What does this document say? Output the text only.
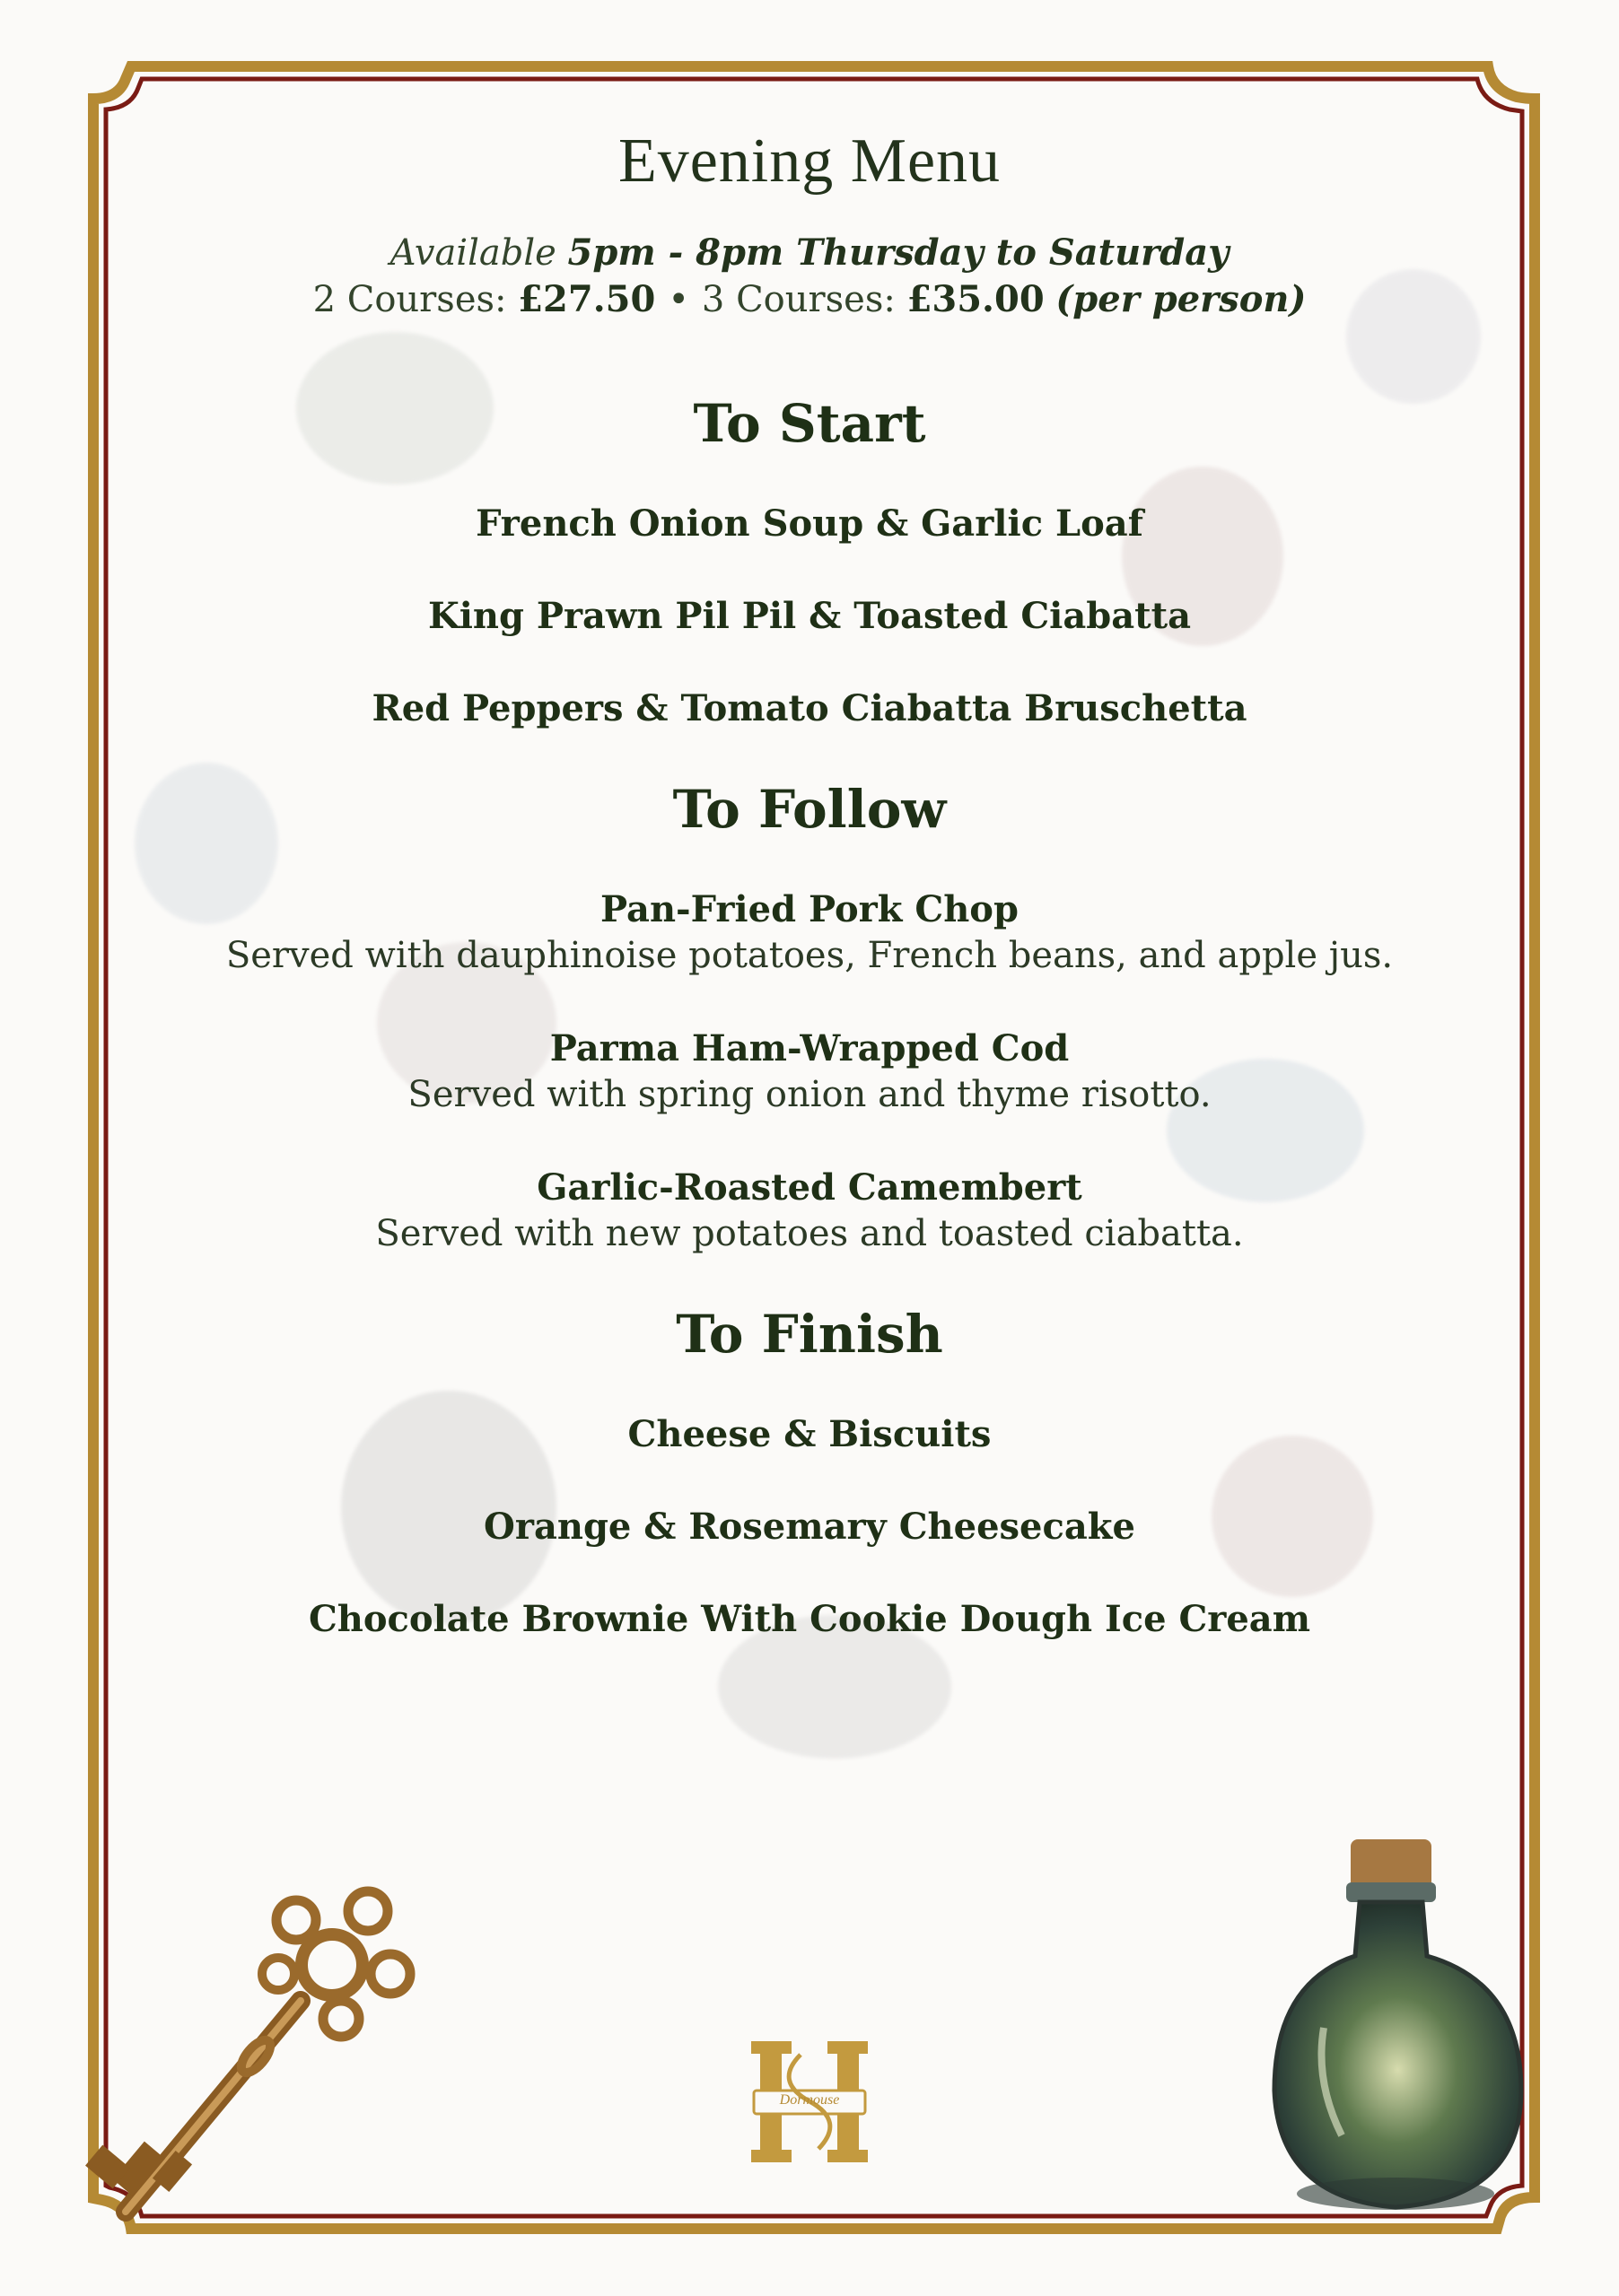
Evening Menu
Available 5pm - 8pm Thursday to Saturday
2 Courses: £27.50 • 3 Courses: £35.00 (per person)
To Start
French Onion Soup & Garlic Loaf
King Prawn Pil Pil & Toasted Ciabatta
Red Peppers & Tomato Ciabatta Bruschetta
To Follow
Pan-Fried Pork Chop
Served with dauphinoise potatoes, French beans, and apple jus.
Parma Ham-Wrapped Cod
Served with spring onion and thyme risotto.
Garlic-Roasted Camembert
Served with new potatoes and toasted ciabatta.
To Finish
Cheese & Biscuits
Orange & Rosemary Cheesecake
Chocolate Brownie With Cookie Dough Ice Cream
Dormouse
